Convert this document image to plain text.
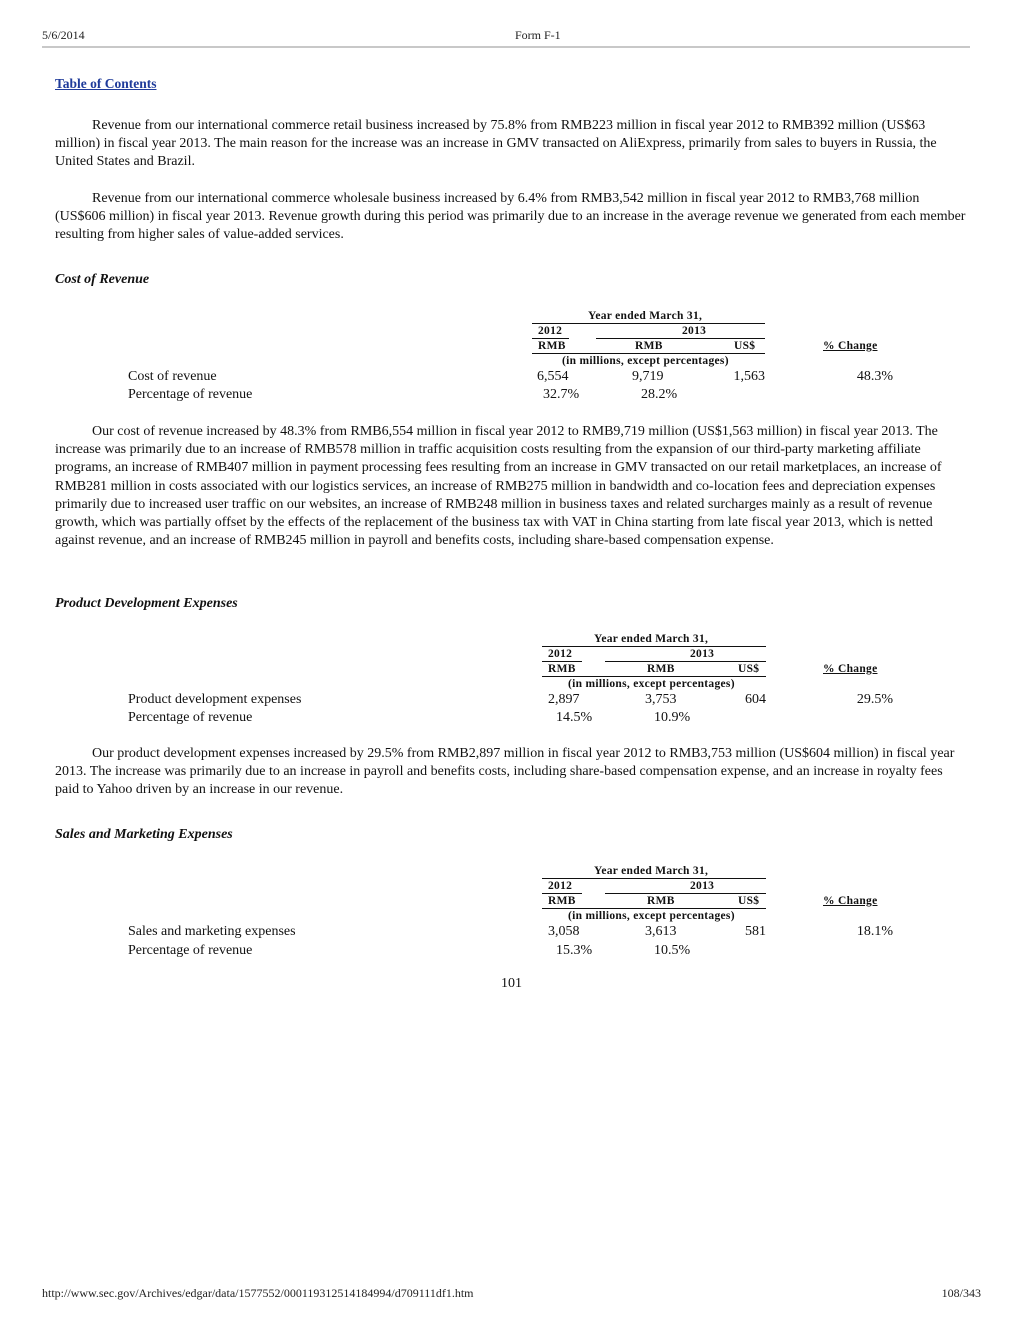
5/6/2014	Form F-1
Table of Contents

Revenue from our international commerce retail business increased by 75.8% from RMB223 million in fiscal year 2012 to RMB392 million (US$63 million) in fiscal year 2013. The main reason for the increase was an increase in GMV transacted on AliExpress, primarily from sales to buyers in Russia, the United States and Brazil.

Revenue from our international commerce wholesale business increased by 6.4% from RMB3,542 million in fiscal year 2012 to RMB3,768 million (US$606 million) in fiscal year 2013. Revenue growth during this period was primarily due to an increase in the average revenue we generated from each member resulting from higher sales of value-added services.

Cost of Revenue
Year ended March 31,
2012	2013
RMB	RMB	US$	% Change
(in millions, except percentages)
Cost of revenue	6,554	9,719	1,563	48.3%
Percentage of revenue	32.7%	28.2%

Our cost of revenue increased by 48.3% from RMB6,554 million in fiscal year 2012 to RMB9,719 million (US$1,563 million) in fiscal year 2013. The increase was primarily due to an increase of RMB578 million in traffic acquisition costs resulting from the expansion of our third-party marketing affiliate programs, an increase of RMB407 million in payment processing fees resulting from an increase in GMV transacted on our retail marketplaces, an increase of RMB281 million in costs associated with our logistics services, an increase of RMB275 million in bandwidth and co-location fees and depreciation expenses primarily due to increased user traffic on our websites, an increase of RMB248 million in business taxes and related surcharges mainly as a result of revenue growth, which was partially offset by the effects of the replacement of the business tax with VAT in China starting from late fiscal year 2013, which is netted against revenue, and an increase of RMB245 million in payroll and benefits costs, including share-based compensation expense.

Product Development Expenses
Year ended March 31,
2012	2013
RMB	RMB	US$	% Change
(in millions, except percentages)
Product development expenses	2,897	3,753	604	29.5%
Percentage of revenue	14.5%	10.9%

Our product development expenses increased by 29.5% from RMB2,897 million in fiscal year 2012 to RMB3,753 million (US$604 million) in fiscal year 2013. The increase was primarily due to an increase in payroll and benefits costs, including share-based compensation expense, and an increase in royalty fees paid to Yahoo driven by an increase in our revenue.

Sales and Marketing Expenses
Year ended March 31,
2012	2013
RMB	RMB	US$	% Change
(in millions, except percentages)
Sales and marketing expenses	3,058	3,613	581	18.1%
Percentage of revenue	15.3%	10.5%
101
http://www.sec.gov/Archives/edgar/data/1577552/000119312514184994/d709111df1.htm	108/343
